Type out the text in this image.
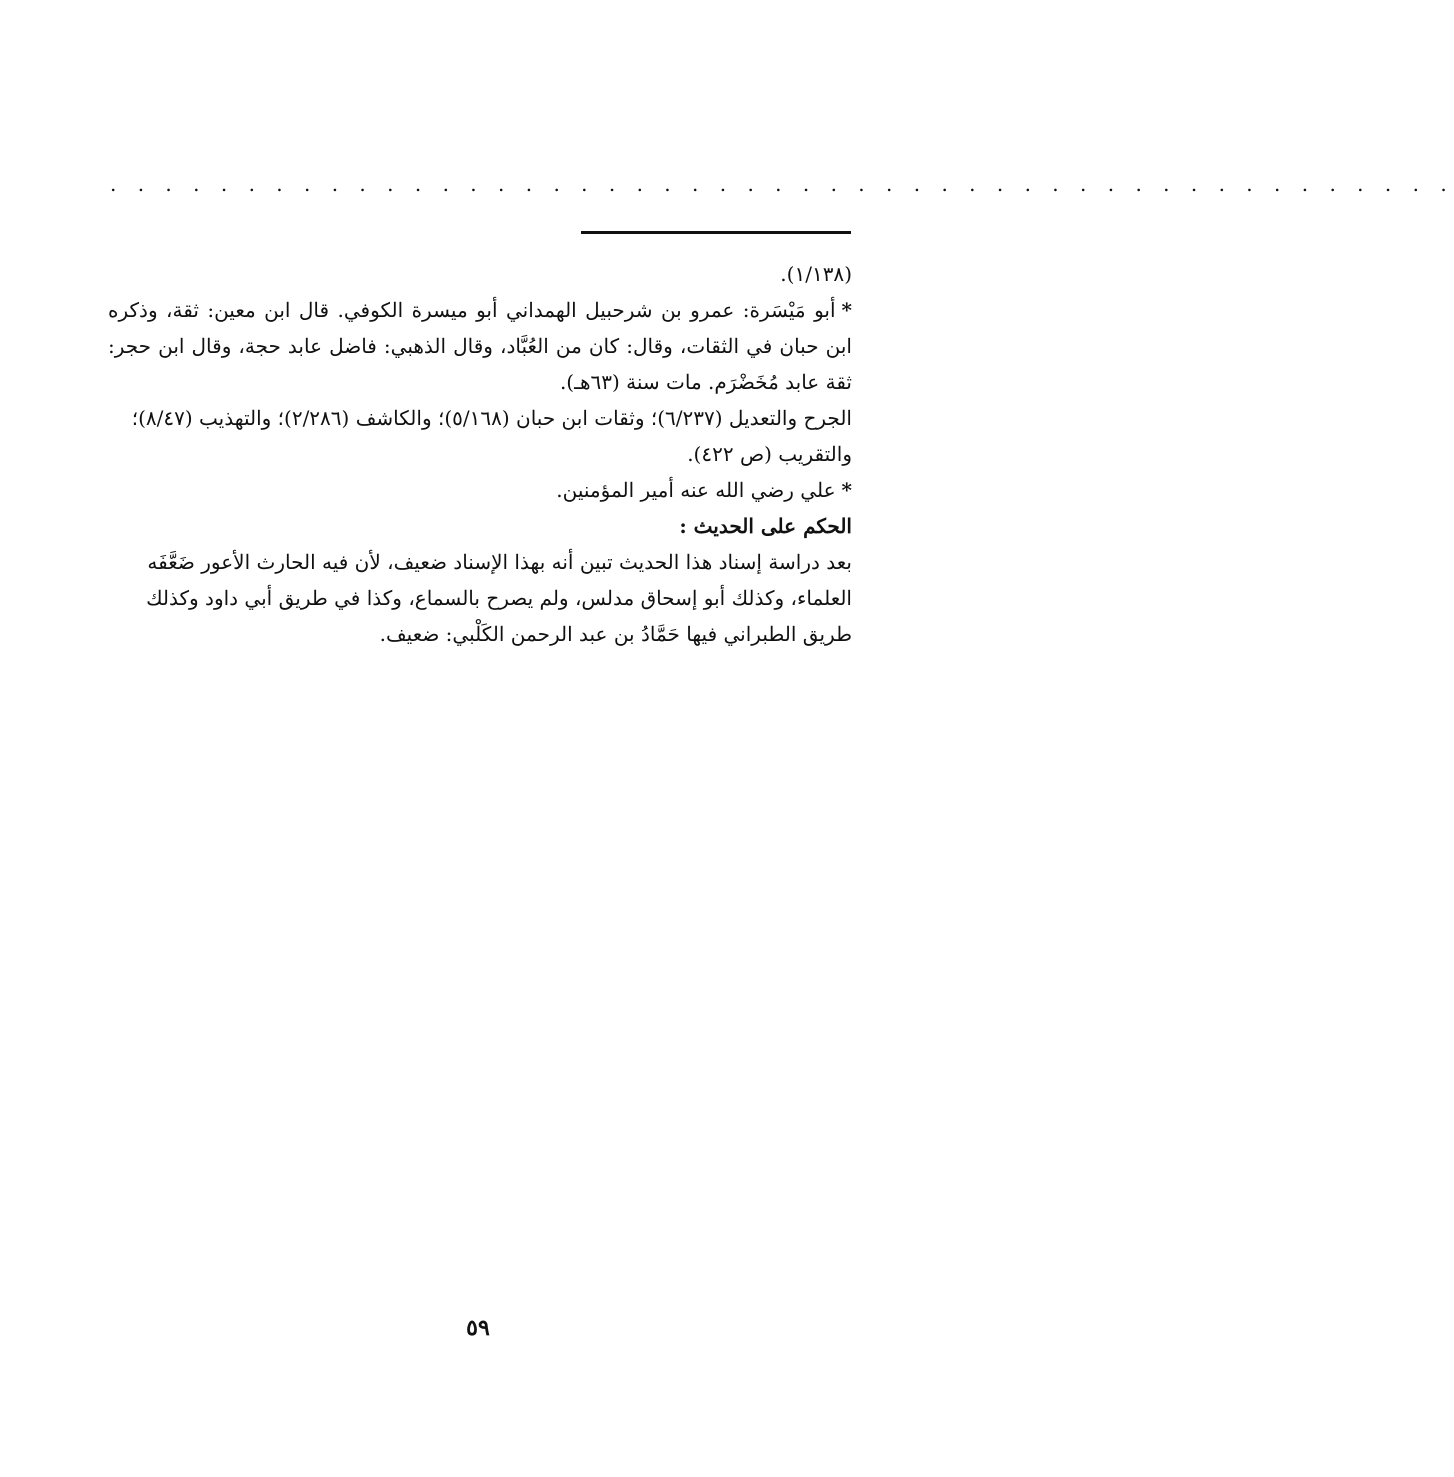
. . . . . . . . . . . . . . . . . . . . . . . . . . . . . . . . . . . . . . . . . . . . . . . . .

(١/١٣٨).

*أبو مَيْسَرة: عمرو بن شرحبيل الهمداني أبو ميسرة الكوفي. قال ابن معين: ثقة، وذكره ابن حبان في الثقات، وقال: كان من العُبَّاد، وقال الذهبي: فاضل عابد حجة، وقال ابن حجر: ثقة عابد مُخَضْرَم. مات سنة (٦٣هـ).

الجرح والتعديل (٦/٢٣٧)؛ وثقات ابن حبان (٥/١٦٨)؛ والكاشف (٢/٢٨٦)؛ والتهذيب (٨/٤٧)؛ والتقريب (ص ٤٢٢).

*علي رضي الله عنه أمير المؤمنين.

الحكم على الحديث :

بعد دراسة إسناد هذا الحديث تبين أنه بهذا الإسناد ضعيف، لأن فيه الحارث الأعور ضَعَّفَه العلماء، وكذلك أبو إسحاق مدلس، ولم يصرح بالسماع، وكذا في طريق أبي داود وكذلك طريق الطبراني فيها حَمَّادُ بن عبد الرحمن الكَلْبي: ضعيف.

٥٩
